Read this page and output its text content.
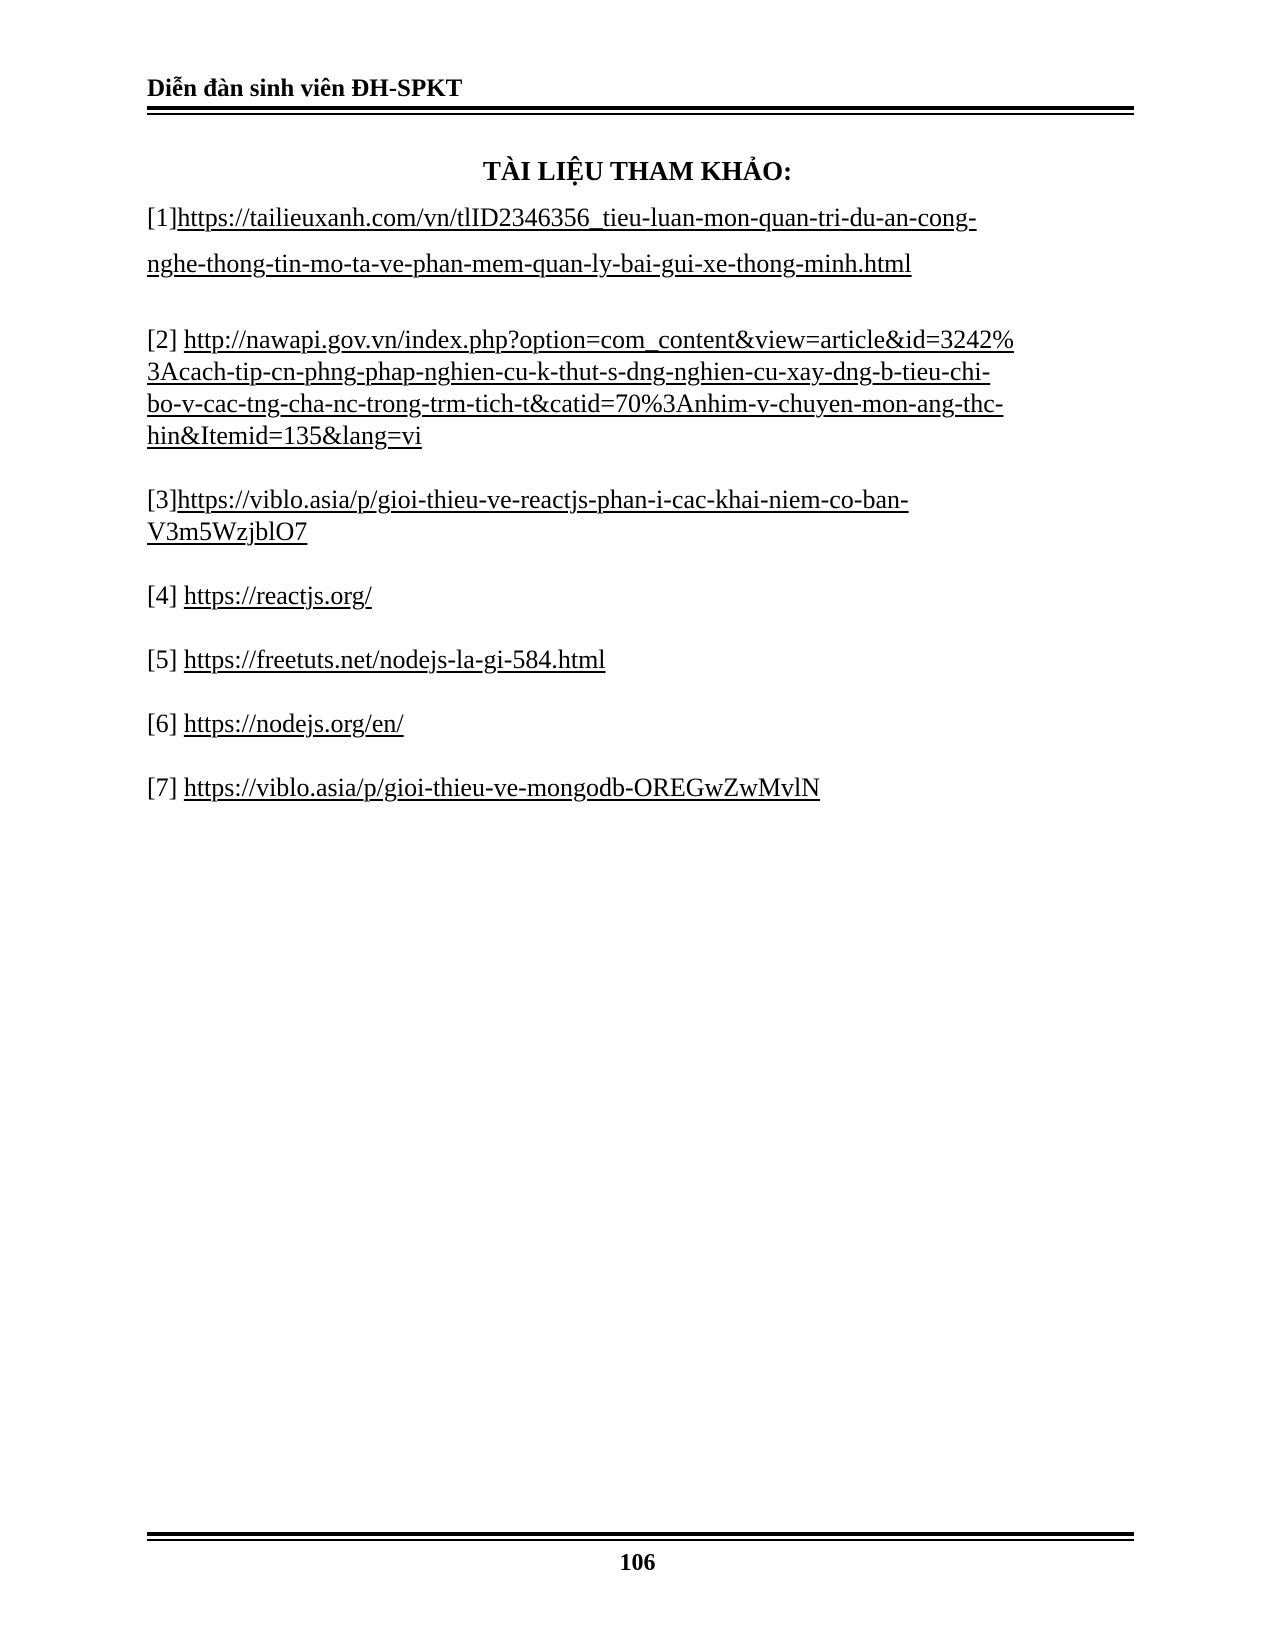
Diễn đàn sinh viên ĐH-SPKT
TÀI LIỆU THAM KHẢO:
[1]https://tailieuxanh.com/vn/tlID2346356_tieu-luan-mon-quan-tri-du-an-cong-
nghe-thong-tin-mo-ta-ve-phan-mem-quan-ly-bai-gui-xe-thong-minh.html
[2] http://nawapi.gov.vn/index.php?option=com_content&view=article&id=3242%
3Acach-tip-cn-phng-phap-nghien-cu-k-thut-s-dng-nghien-cu-xay-dng-b-tieu-chi-
bo-v-cac-tng-cha-nc-trong-trm-tich-t&catid=70%3Anhim-v-chuyen-mon-ang-thc-
hin&Itemid=135&lang=vi
[3]https://viblo.asia/p/gioi-thieu-ve-reactjs-phan-i-cac-khai-niem-co-ban-
V3m5WzjblO7
[4] https://reactjs.org/
[5] https://freetuts.net/nodejs-la-gi-584.html
[6] https://nodejs.org/en/
[7] https://viblo.asia/p/gioi-thieu-ve-mongodb-OREGwZwMvlN
106
